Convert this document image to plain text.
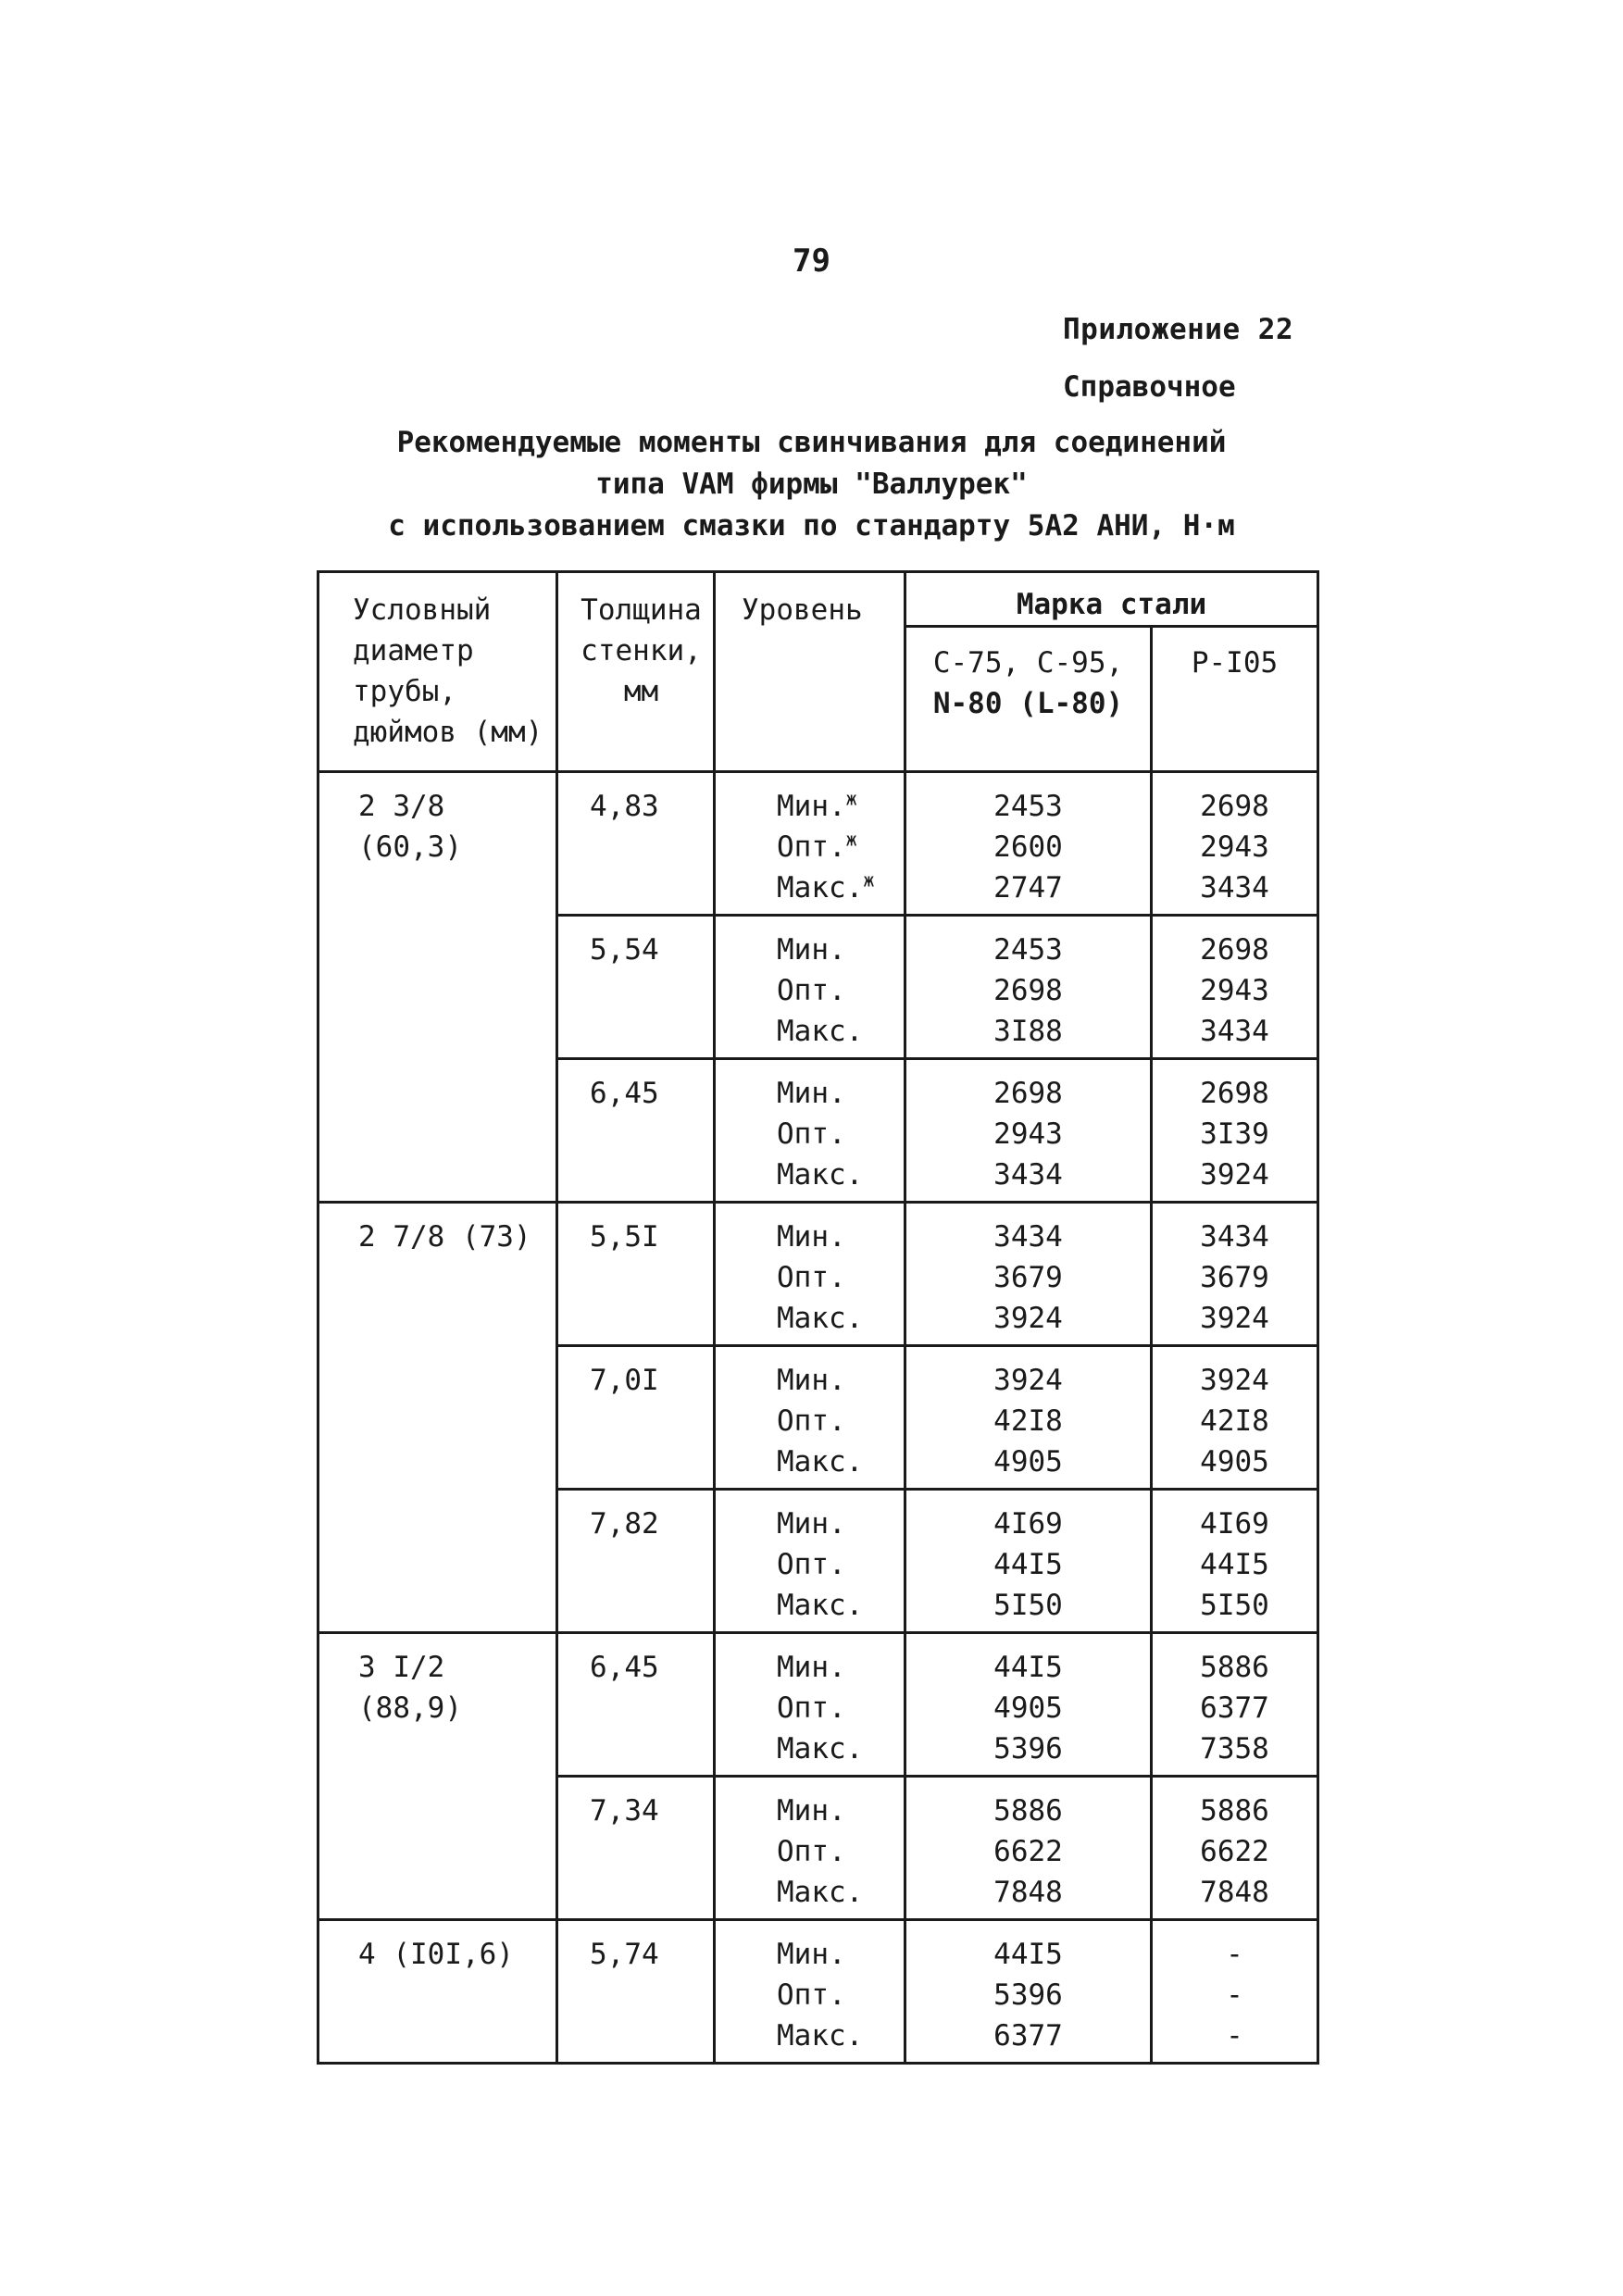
79
Приложение 22
Справочное
Рекомендуемые моменты свинчивания для соединений
типа VAM фирмы "Валлурек"
с использованием смазки по стандарту 5А2 АНИ, Н·м
Условный
диаметр
трубы,
дюймов (мм)	Толщина
стенки,
мм	Уровень	Марка стали	

			С-75, С-95,
N-80 (L-80)	Р-I05

2 3/8
(60,3)	4,83	Мин.$^ж$
Опт.$^ж$
Макс.$^ж$	2453
2600
2747	2698
2943
3434

	5,54	Мин.
Опт.
Макс.	2453
2698
3I88	2698
2943
3434

	6,45	Мин.
Опт.
Макс.	2698
2943
3434	2698
3I39
3924

2 7/8 (73)	5,5I	Мин.
Опт.
Макс.	3434
3679
3924	3434
3679
3924

	7,0I	Мин.
Опт.
Макс.	3924
42I8
4905	3924
42I8
4905

	7,82	Мин.
Опт.
Макс.	4I69
44I5
5I50	4I69
44I5
5I50

3 I/2
(88,9)	6,45	Мин.
Опт.
Макс.	44I5
4905
5396	5886
6377
7358

	7,34	Мин.
Опт.
Макс.	5886
6622
7848	5886
6622
7848

4 (I0I,6)	5,74	Мин.
Опт.
Макс.	44I5
5396
6377	-
-
-
